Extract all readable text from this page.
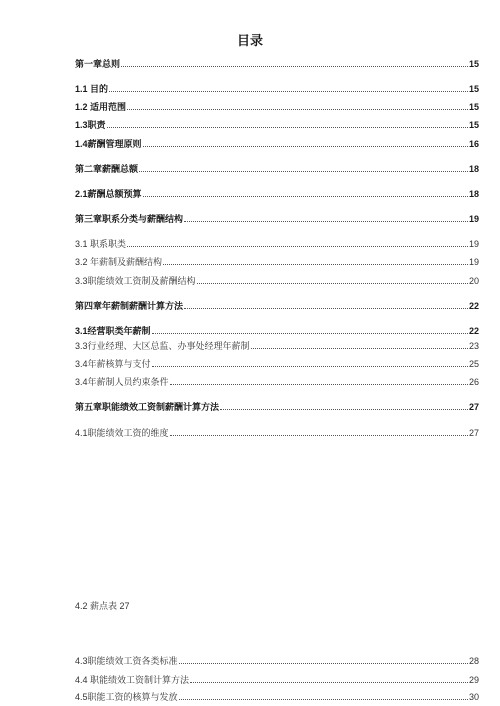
目录
第一章总则	15
1.1 目的	15
1.2 适用范围	15
1.3职责	15
1.4薪酬管理原则	16
第二章薪酬总额	18
2.1薪酬总额预算	18
第三章职系分类与薪酬结构	19
3.1 职系职类	19
3.2 年薪制及薪酬结构	19
3.3职能绩效工资制及薪酬结构	20
第四章年薪制薪酬计算方法	22
3.1经营职类年薪制	22
3.3行业经理、大区总监、办事处经理年薪制	23
3.4年薪核算与支付	25
3.4年薪制人员约束条件	26
第五章职能绩效工资制薪酬计算方法	27
4.1职能绩效工资的维度	27
4.2 薪点表 27
4.3职能绩效工资各类标准	28
4.4 职能绩效工资制计算方法	29
4.5职能工资的核算与发放	30
